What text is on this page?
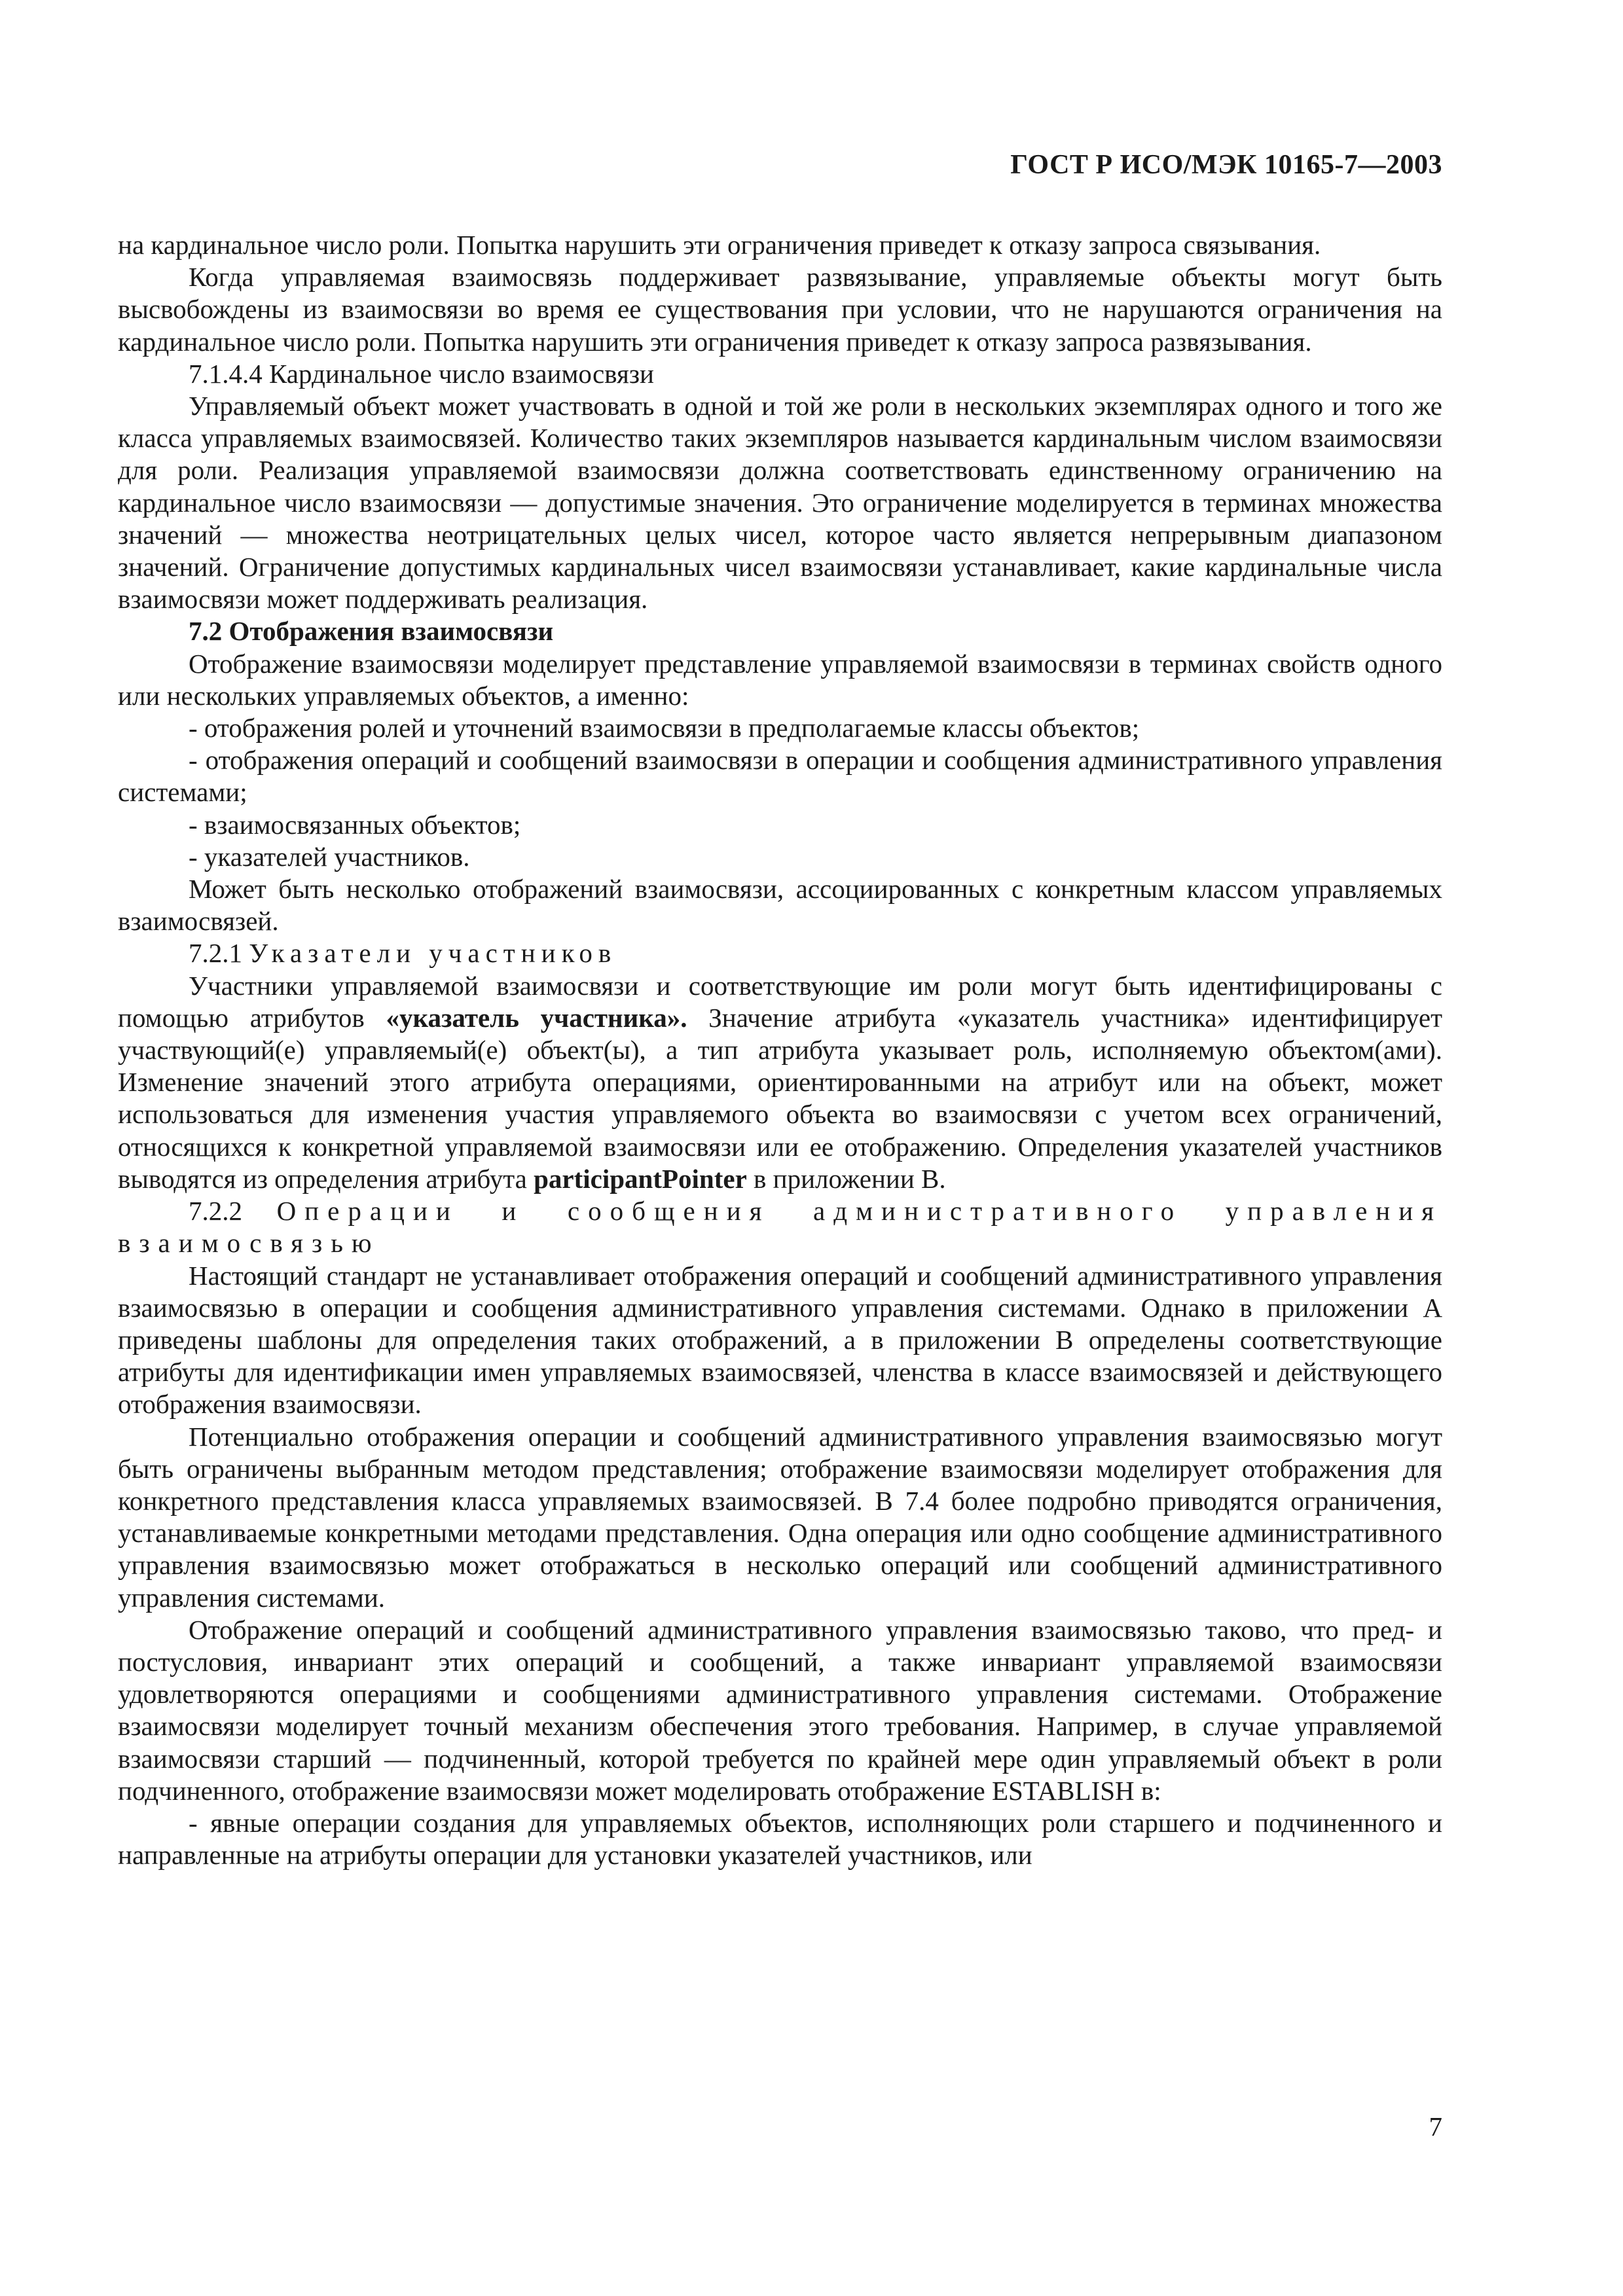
ГОСТ Р ИСО/МЭК 10165-7—2003

на кардинальное число роли. Попытка нарушить эти ограничения приведет к отказу запроса связывания.

Когда управляемая взаимосвязь поддерживает развязывание, управляемые объекты могут быть высвобождены из взаимосвязи во время ее существования при условии, что не нарушаются ограничения на кардинальное число роли. Попытка нарушить эти ограничения приведет к отказу запроса развязывания.

7.1.4.4 Кардинальное число взаимосвязи

Управляемый объект может участвовать в одной и той же роли в нескольких экземплярах одного и того же класса управляемых взаимосвязей. Количество таких экземпляров называется кардинальным числом взаимосвязи для роли. Реализация управляемой взаимосвязи должна соответствовать единственному ограничению на кардинальное число взаимосвязи — допустимые значения. Это ограничение моделируется в терминах множества значений — множества неотрицательных целых чисел, которое часто является непрерывным диапазоном значений. Ограничение допустимых кардинальных чисел взаимосвязи устанавливает, какие кардинальные числа взаимосвязи может поддерживать реализация.

7.2 Отображения взаимосвязи

Отображение взаимосвязи моделирует представление управляемой взаимосвязи в терминах свойств одного или нескольких управляемых объектов, а именно:

- отображения ролей и уточнений взаимосвязи в предполагаемые классы объектов;

- отображения операций и сообщений взаимосвязи в операции и сообщения административного управления системами;

- взаимосвязанных объектов;

- указателей участников.

Может быть несколько отображений взаимосвязи, ассоциированных с конкретным классом управляемых взаимосвязей.

7.2.1 Указатели участников

Участники управляемой взаимосвязи и соответствующие им роли могут быть идентифицированы с помощью атрибутов «указатель участника». Значение атрибута «указатель участника» идентифицирует участвующий(е) управляемый(е) объект(ы), а тип атрибута указывает роль, исполняемую объектом(ами). Изменение значений этого атрибута операциями, ориентированными на атрибут или на объект, может использоваться для изменения участия управляемого объекта во взаимосвязи с учетом всех ограничений, относящихся к конкретной управляемой взаимосвязи или ее отображению. Определения указателей участников выводятся из определения атрибута participantPointer в приложении В.

7.2.2 Операции и сообщения административного управления взаимосвязью

Настоящий стандарт не устанавливает отображения операций и сообщений административного управления взаимосвязью в операции и сообщения административного управления системами. Однако в приложении А приведены шаблоны для определения таких отображений, а в приложении В определены соответствующие атрибуты для идентификации имен управляемых взаимосвязей, членства в классе взаимосвязей и действующего отображения взаимосвязи.

Потенциально отображения операции и сообщений административного управления взаимосвязью могут быть ограничены выбранным методом представления; отображение взаимосвязи моделирует отображения для конкретного представления класса управляемых взаимосвязей. В 7.4 более подробно приводятся ограничения, устанавливаемые конкретными методами представления. Одна операция или одно сообщение административного управления взаимосвязью может отображаться в несколько операций или сообщений административного управления системами.

Отображение операций и сообщений административного управления взаимосвязью таково, что пред- и постусловия, инвариант этих операций и сообщений, а также инвариант управляемой взаимосвязи удовлетворяются операциями и сообщениями административного управления системами. Отображение взаимосвязи моделирует точный механизм обеспечения этого требования. Например, в случае управляемой взаимосвязи старший — подчиненный, которой требуется по крайней мере один управляемый объект в роли подчиненного, отображение взаимосвязи может моделировать отображение ESTABLISH в:

- явные операции создания для управляемых объектов, исполняющих роли старшего и подчиненного и направленные на атрибуты операции для установки указателей участников, или

7
